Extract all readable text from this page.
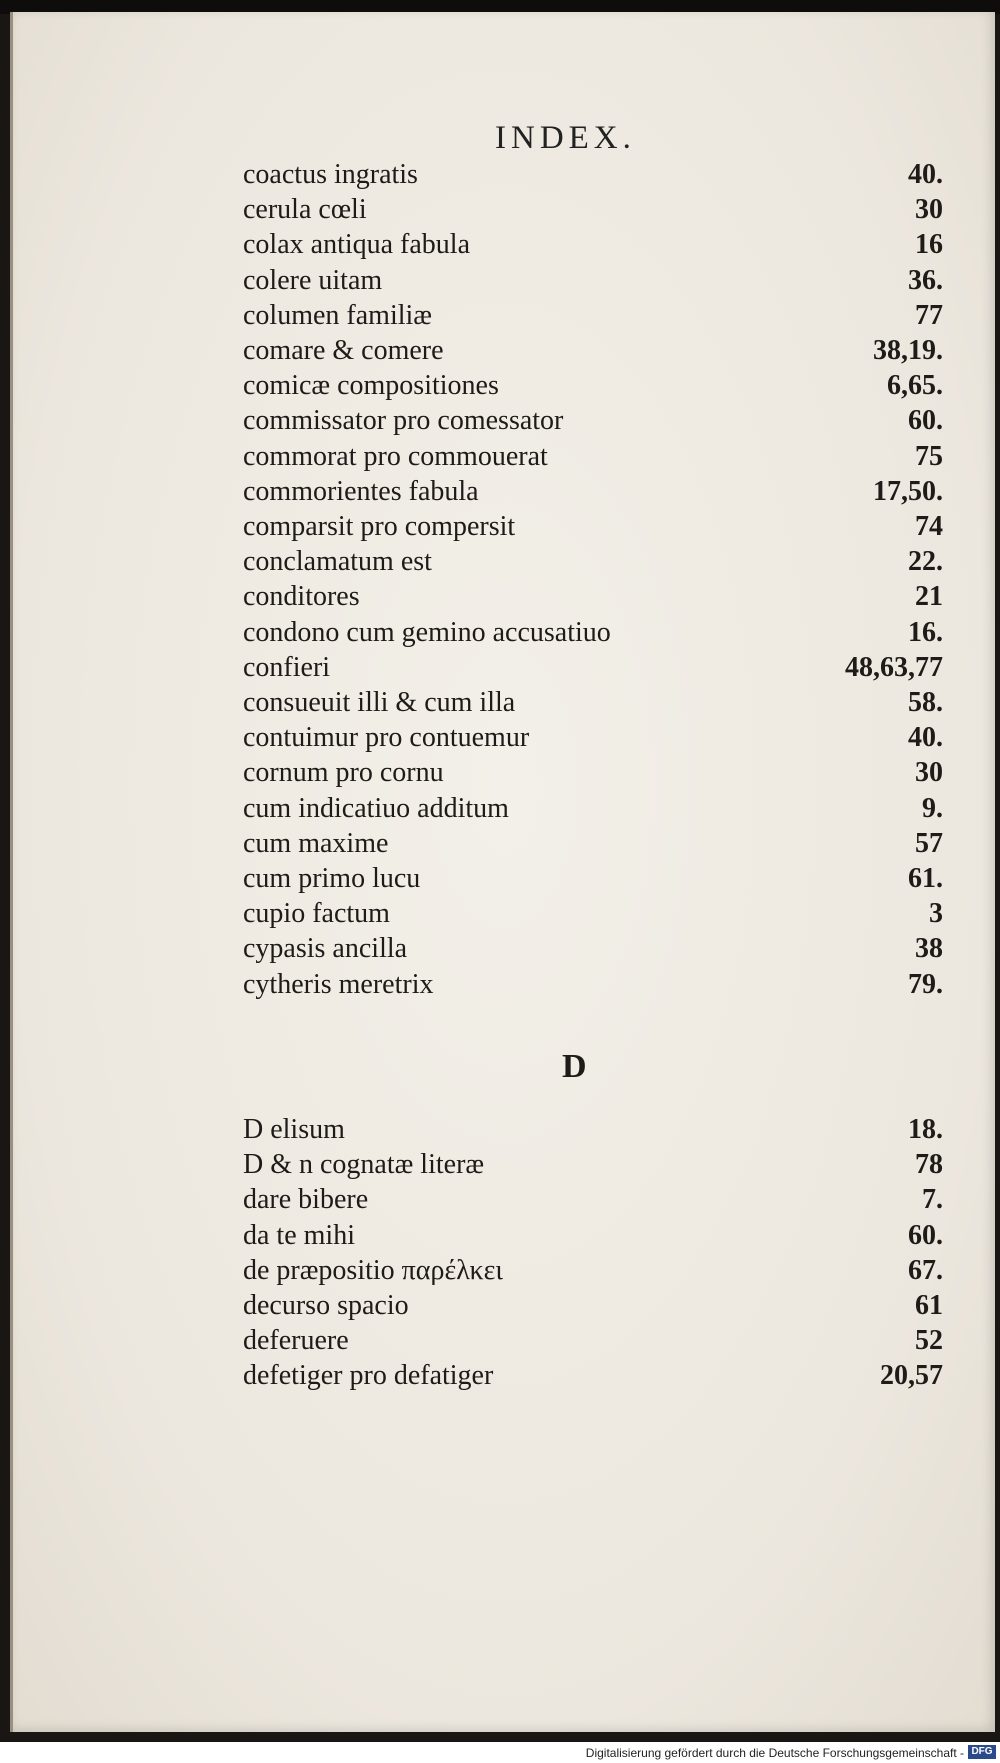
INDEX.
coactus ingratis	40.
cerula cœli	30
colax antiqua fabula	16
colere uitam	36.
columen familiæ	77
comare & comere	38,19.
comicæ compositiones	6,65.
commissator pro comessator	60.
commorat pro commouerat	75
commorientes fabula	17,50.
comparsit pro compersit	74
conclamatum est	22.
conditores	21
condono cum gemino accusatiuo	16.
confieri	48,63,77
consueuit illi & cum illa	58.
contuimur pro contuemur	40.
cornum pro cornu	30
cum indicatiuo additum	9.
cum maxime	57
cum primo lucu	61.
cupio factum	3
cypasis ancilla	38
cytheris meretrix	79.
D
D elisum	18.
D & n cognatæ literæ	78
dare bibere	7.
da te mihi	60.
de præpositio παρέλκει	67.
decurso spacio	61
deferuere	52
defetiger pro defatiger	20,57
Digitalisierung gefördert durch die Deutsche Forschungsgemeinschaft - DFG
